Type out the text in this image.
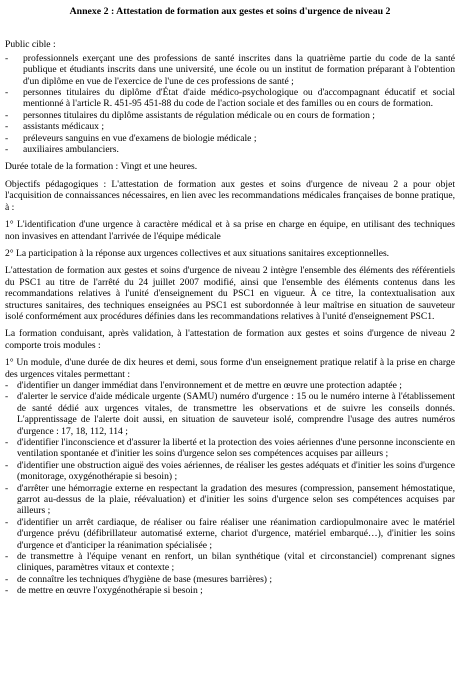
Annexe 2 : Attestation de formation aux gestes et soins d'urgence de niveau 2
Public cible :
- professionnels exerçant une des professions de santé inscrites dans la quatrième partie du code de la santé publique et étudiants inscrits dans une université, une école ou un institut de formation préparant à l'obtention d'un diplôme en vue de l'exercice de l'une de ces professions de santé ;
- personnes titulaires du diplôme d'État d'aide médico-psychologique ou d'accompagnant éducatif et social mentionné à l'article R. 451-95 451-88 du code de l'action sociale et des familles ou en cours de formation.
- personnes titulaires du diplôme assistants de régulation médicale ou en cours de formation ;
- assistants médicaux ;
- préleveurs sanguins en vue d'examens de biologie médicale ;
- auxiliaires ambulanciers.

Durée totale de la formation : Vingt et une heures.

Objectifs pédagogiques : L'attestation de formation aux gestes et soins d'urgence de niveau 2 a pour objet l'acquisition de connaissances nécessaires, en lien avec les recommandations médicales françaises de bonne pratique, à :

1° L'identification d'une urgence à caractère médical et à sa prise en charge en équipe, en utilisant des techniques non invasives en attendant l'arrivée de l'équipe médicale

2° La participation à la réponse aux urgences collectives et aux situations sanitaires exceptionnelles.

L'attestation de formation aux gestes et soins d'urgence de niveau 2 intègre l'ensemble des éléments des référentiels du PSC1 au titre de l'arrêté du 24 juillet 2007 modifié, ainsi que l'ensemble des éléments contenus dans les recommandations relatives à l'unité d'enseignement du PSC1 en vigueur. À ce titre, la contextualisation aux structures sanitaires, des techniques enseignées au PSC1 est subordonnée à leur maîtrise en situation de sauveteur isolé conformément aux procédures définies dans les recommandations relatives à l'unité d'enseignement PSC1.

La formation conduisant, après validation, à l'attestation de formation aux gestes et soins d'urgence de niveau 2 comporte trois modules :

1° Un module, d'une durée de dix heures et demi, sous forme d'un enseignement pratique relatif à la prise en charge des urgences vitales permettant :

- d'identifier un danger immédiat dans l'environnement et de mettre en œuvre une protection adaptée ;
- d'alerter le service d'aide médicale urgente (SAMU) numéro d'urgence : 15 ou le numéro interne à l'établissement de santé dédié aux urgences vitales, de transmettre les observations et de suivre les conseils donnés. L'apprentissage de l'alerte doit aussi, en situation de sauveteur isolé, comprendre l'usage des autres numéros d'urgence : 17, 18, 112, 114 ;
- d'identifier l'inconscience et d'assurer la liberté et la protection des voies aériennes d'une personne inconsciente en ventilation spontanée et d'initier les soins d'urgence selon ses compétences acquises par ailleurs ;
- d'identifier une obstruction aiguë des voies aériennes, de réaliser les gestes adéquats et d'initier les soins d'urgence (monitorage, oxygénothérapie si besoin) ;
- d'arrêter une hémorragie externe en respectant la gradation des mesures (compression, pansement hémostatique, garrot au-dessus de la plaie, réévaluation) et d'initier les soins d'urgence selon ses compétences acquises par ailleurs ;
- d'identifier un arrêt cardiaque, de réaliser ou faire réaliser une réanimation cardiopulmonaire avec le matériel d'urgence prévu (défibrillateur automatisé externe, chariot d'urgence, matériel embarqué…), d'initier les soins d'urgence et d'anticiper la réanimation spécialisée ;
- de transmettre à l'équipe venant en renfort, un bilan synthétique (vital et circonstanciel) comprenant signes cliniques, paramètres vitaux et contexte ;
- de connaître les techniques d'hygiène de base (mesures barrières) ;
- de mettre en œuvre l'oxygénothérapie si besoin ;
